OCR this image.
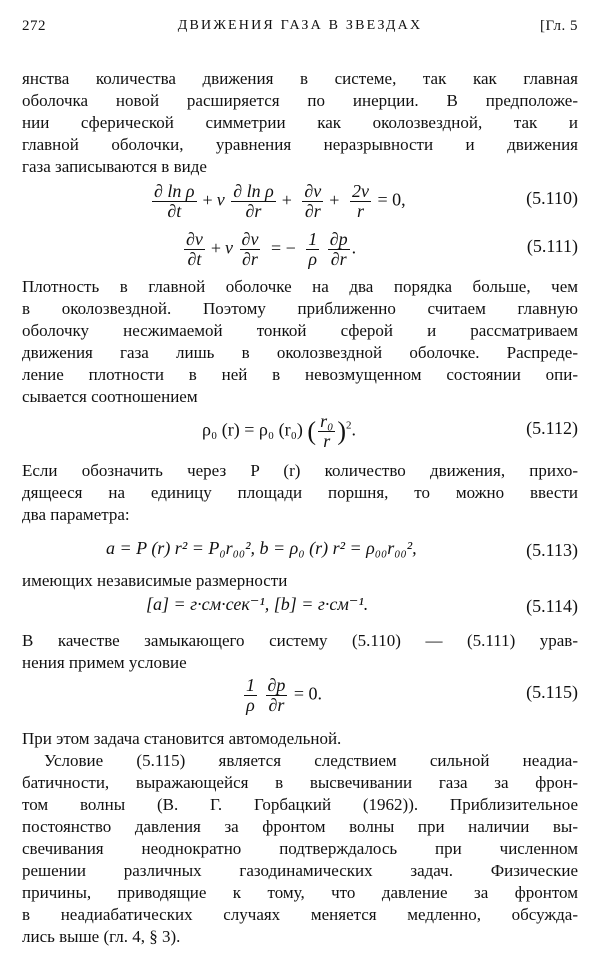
272	ДВИЖЕНИЯ ГАЗА В ЗВЕЗДАХ	[Гл. 5
янства количества движения в системе, так как главная
оболочка новой расширяется по инерции. В предположе-
нии сферической симметрии как околозвездной, так и
главной оболочки, уравнения неразрывности и движения
газа записываются в виде
$\frac{\text{∂ ln ρ}}{\partial t} + v \frac{\text{∂ ln ρ}}{\partial r} + \frac{\partial v}{\partial r} + \frac{2v}{r} = 0$,	(5.110)
$\frac{\partial v}{\partial t} + v \frac{\partial v}{\partial r}$ = − $\frac{1}{\rho}$
$\frac{\partial p}{\partial r}$ .	(5.111)
Плотность в главной оболочке на два порядка больше, чем
в околозвездной. Поэтому приближенно считаем главную
оболочку несжимаемой тонкой сферой и рассматриваем
движения газа лишь в околозвездной оболочке. Распреде-
ление плотности в ней в невозмущенном состоянии опи-
сывается соотношением
ρ₀ (r) = ρ₀ (r₀) ( $\frac{\text{r₀}}{r} )^2$.	(5.112)
Если обозначить через P (r) количество движения, прихо-
дящееся на единицу площади поршня, то можно ввести
два параметра:
a = P (r) r² = P₀r₀₀², b = ρ₀ (r) r² = ρ₀₀r₀₀²,	(5.113)
имеющих независимые размерности
[a] = г·см·сек⁻¹, [b] = г·см⁻¹.	(5.114)
В качестве замыкающего систему (5.110) — (5.111) урав-
нения примем условие
$\frac{1}{\rho}$
$\frac{\partial p}{\partial r} = 0$.	(5.115)
При этом задача становится автомодельной.
Условие (5.115) является следствием сильной неадиа-
батичности, выражающейся в высвечивании газа за фрон-
том волны (В. Г. Горбацкий (1962)). Приблизительное
постоянство давления за фронтом волны при наличии вы-
свечивания неоднократно подтверждалось при численном
решении различных газодинамических задач. Физические
причины, приводящие к тому, что давление за фронтом
в неадиабатических случаях меняется медленно, обсужда-
лись выше (гл. 4, § 3).
